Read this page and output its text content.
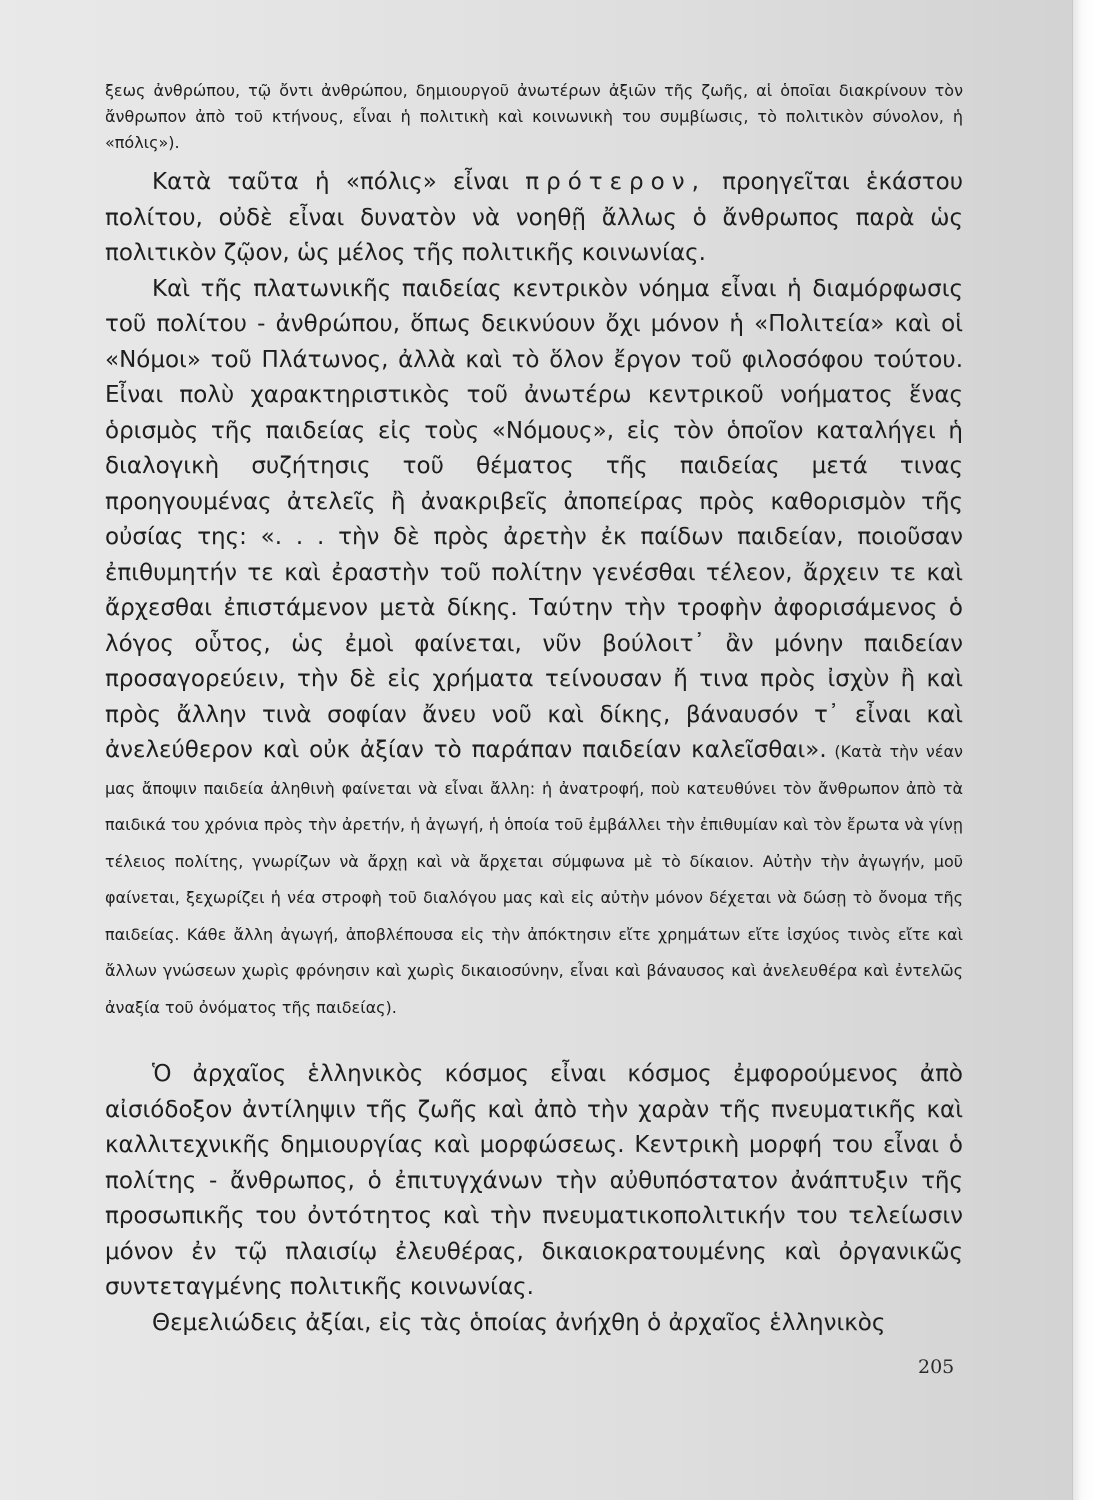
ξεως ἀνθρώπου, τῷ ὄντι ἀνθρώπου, δημιουργοῦ ἀνωτέρων ἀξιῶν τῆς ζωῆς, αἱ ὁποῖαι διακρίνουν τὸν ἄνθρωπον ἀπὸ τοῦ κτήνους, εἶναι ἡ πολιτικὴ καὶ κοινωνικὴ του συμβίωσις, τὸ πολιτικὸν σύνολον, ἡ «πόλις»).

Κατὰ ταῦτα ἡ «πόλις» εἶναι πρότερον, προηγεῖται ἑκάστου πολίτου, οὐδὲ εἶναι δυνατὸν νὰ νοηθῇ ἄλλως ὁ ἄνθρωπος παρὰ ὡς πολιτικὸν ζῷον, ὡς μέλος τῆς πολιτικῆς κοινωνίας.

Καὶ τῆς πλατωνικῆς παιδείας κεντρικὸν νόημα εἶναι ἡ διαμόρφωσις τοῦ πολίτου - ἀνθρώπου, ὅπως δεικνύουν ὄχι μόνον ἡ «Πολιτεία» καὶ οἱ «Νόμοι» τοῦ Πλάτωνος, ἀλλὰ καὶ τὸ ὅλον ἔργον τοῦ φιλοσόφου τούτου. Εἶναι πολὺ χαρακτηριστικὸς τοῦ ἀνωτέρω κεντρικοῦ νοήματος ἕνας ὁρισμὸς τῆς παιδείας εἰς τοὺς «Νόμους», εἰς τὸν ὁποῖον καταλήγει ἡ διαλογικὴ συζήτησις τοῦ θέματος τῆς παιδείας μετά τινας προηγουμένας ἀτελεῖς ἢ ἀνακριβεῖς ἀποπείρας πρὸς καθορισμὸν τῆς οὐσίας της: «. . . τὴν δὲ πρὸς ἀρετὴν ἐκ παίδων παιδείαν, ποιοῦσαν ἐπιθυμητήν τε καὶ ἐραστὴν τοῦ πολίτην γενέσθαι τέλεον, ἄρχειν τε καὶ ἄρχεσθαι ἐπιστάμενον μετὰ δίκης. Ταύτην τὴν τροφὴν ἀφορισάμενος ὁ λόγος οὗτος, ὡς ἐμοὶ φαίνεται, νῦν βούλοιτ᾽ ἂν μόνην παιδείαν προσαγορεύειν, τὴν δὲ εἰς χρήματα τείνουσαν ἤ τινα πρὸς ἰσχὺν ἢ καὶ πρὸς ἄλλην τινὰ σοφίαν ἄνευ νοῦ καὶ δίκης, βάναυσόν τ᾽ εἶναι καὶ ἀνελεύθερον καὶ οὐκ ἀξίαν τὸ παράπαν παιδείαν καλεῖσθαι». (Κατὰ τὴν νέαν μας ἄποψιν παιδεία ἀληθινὴ φαίνεται νὰ εἶναι ἄλλη: ἡ ἀνατροφή, ποὺ κατευθύνει τὸν ἄνθρωπον ἀπὸ τὰ παιδικά του χρόνια πρὸς τὴν ἀρετήν, ἡ ἀγωγή, ἡ ὁποία τοῦ ἐμβάλλει τὴν ἐπιθυμίαν καὶ τὸν ἔρωτα νὰ γίνῃ τέλειος πολίτης, γνωρίζων νὰ ἄρχῃ καὶ νὰ ἄρχεται σύμφωνα μὲ τὸ δίκαιον. Αὐτὴν τὴν ἀγωγήν, μοῦ φαίνεται, ξεχωρίζει ἡ νέα στροφὴ τοῦ διαλόγου μας καὶ εἰς αὐτὴν μόνον δέχεται νὰ δώσῃ τὸ ὄνομα τῆς παιδείας. Κάθε ἄλλη ἀγωγή, ἀποβλέπουσα εἰς τὴν ἀπόκτησιν εἴτε χρημάτων εἴτε ἰσχύος τινὸς εἴτε καὶ ἄλλων γνώσεων χωρὶς φρόνησιν καὶ χωρὶς δικαιοσύνην, εἶναι καὶ βάναυσος καὶ ἀνελευθέρα καὶ ἐντελῶς ἀναξία τοῦ ὀνόματος τῆς παιδείας).

Ὁ ἀρχαῖος ἑλληνικὸς κόσμος εἶναι κόσμος ἐμφορούμενος ἀπὸ αἰσιόδοξον ἀντίληψιν τῆς ζωῆς καὶ ἀπὸ τὴν χαρὰν τῆς πνευματικῆς καὶ καλλιτεχνικῆς δημιουργίας καὶ μορφώσεως. Κεντρικὴ μορφή του εἶναι ὁ πολίτης - ἄνθρωπος, ὁ ἐπιτυγχάνων τὴν αὐθυπόστατον ἀνάπτυξιν τῆς προσωπικῆς του ὀντότητος καὶ τὴν πνευματικοπολιτικήν του τελείωσιν μόνον ἐν τῷ πλαισίῳ ἐλευθέρας, δικαιοκρατουμένης καὶ ὀργανικῶς συντεταγμένης πολιτικῆς κοινωνίας.

Θεμελιώδεις ἀξίαι, εἰς τὰς ὁποίας ἀνήχθη ὁ ἀρχαῖος ἑλληνικὸς

205
